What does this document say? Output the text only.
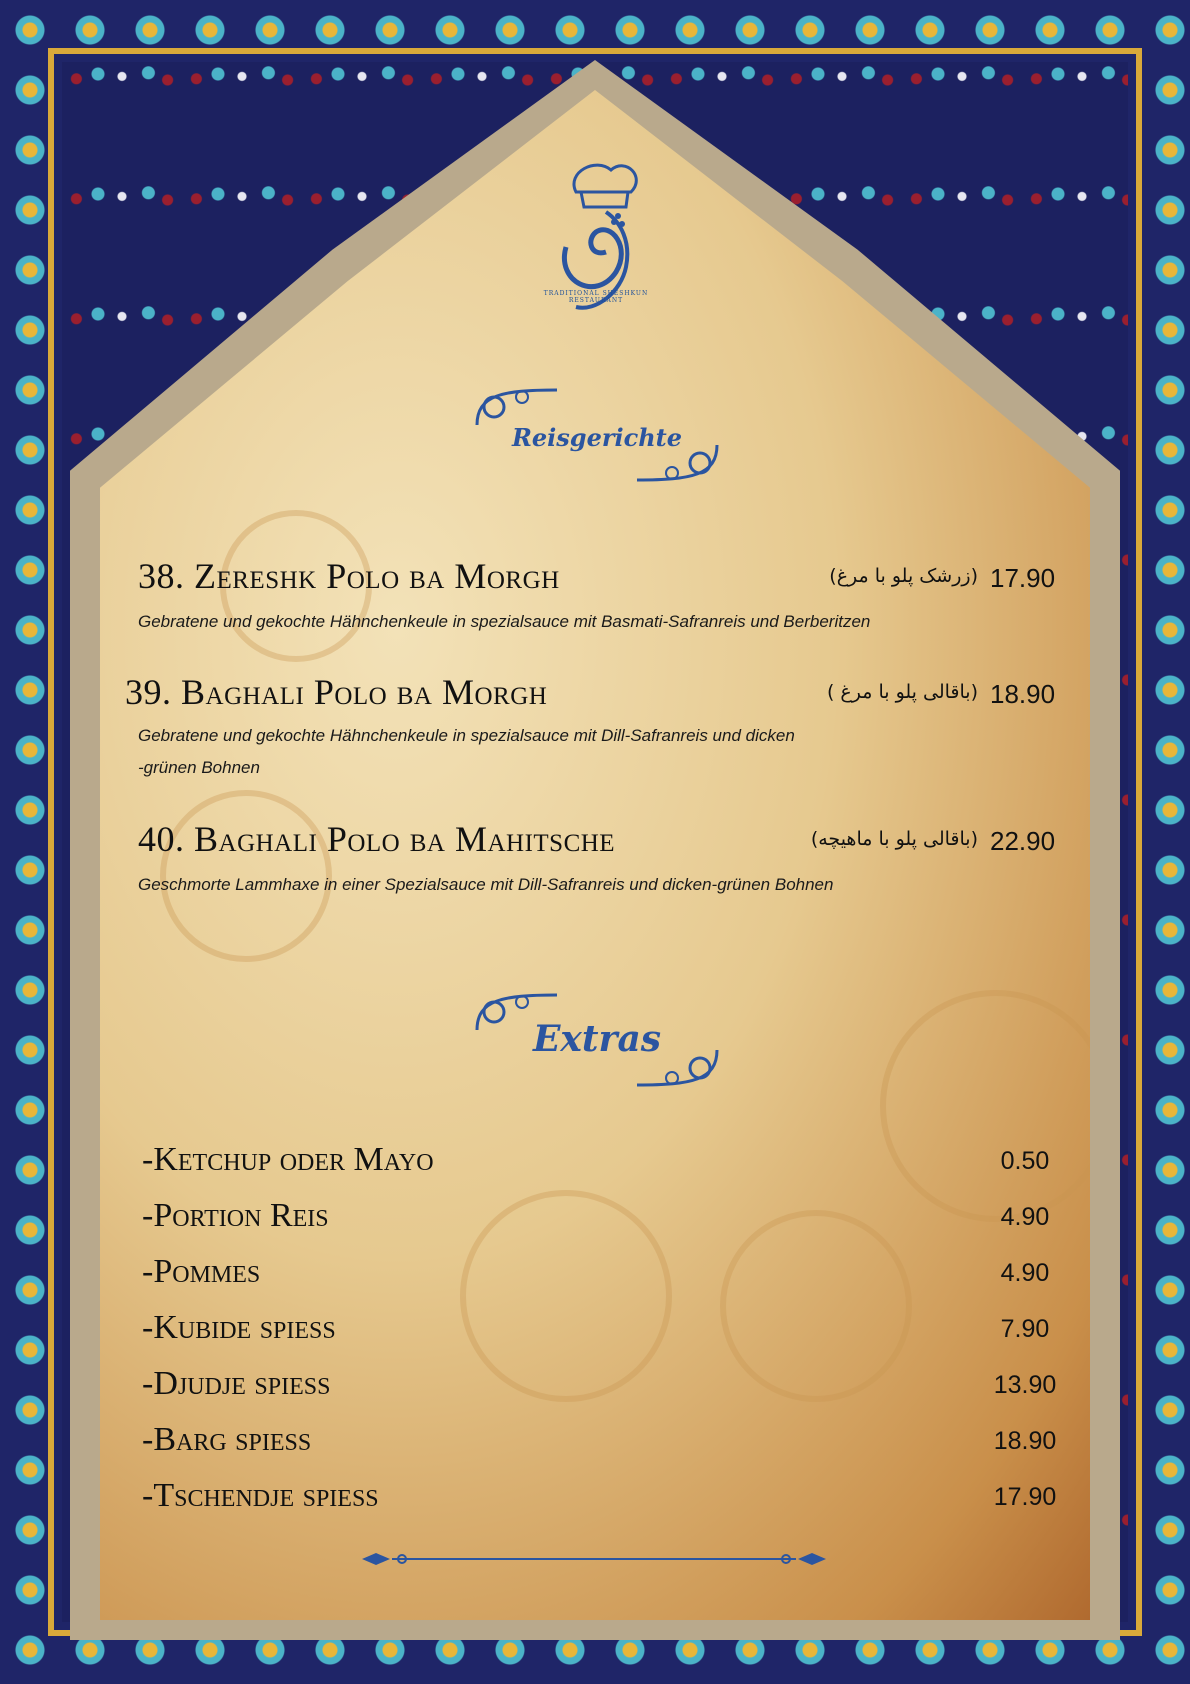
TRADITIONAL SHESHKUN
RESTAURANT
Reisgerichte
38. Zereshk Polo ba Morgh	(زرشک پلو با مرغ) 17.90
Gebratene und gekochte Hähnchenkeule in spezialsauce mit Basmati-Safranreis und Berberitzen
39. Baghali Polo ba Morgh	(باقالی پلو با مرغ ) 18.90
Gebratene und gekochte Hähnchenkeule in spezialsauce mit Dill-Safranreis und dicken
-grünen Bohnen
40. Baghali Polo ba Mahitsche	(باقالی پلو با ماهیچه) 22.90
Geschmorte Lammhaxe in einer Spezialsauce mit Dill-Safranreis und dicken-grünen Bohnen
Extras
-Ketchup oder Mayo	0.50
-Portion Reis	4.90
-Pommes	4.90
-Kubide spiess	7.90
-Djudje spiess	13.90
-Barg spiess	18.90
-Tschendje spiess	17.90
